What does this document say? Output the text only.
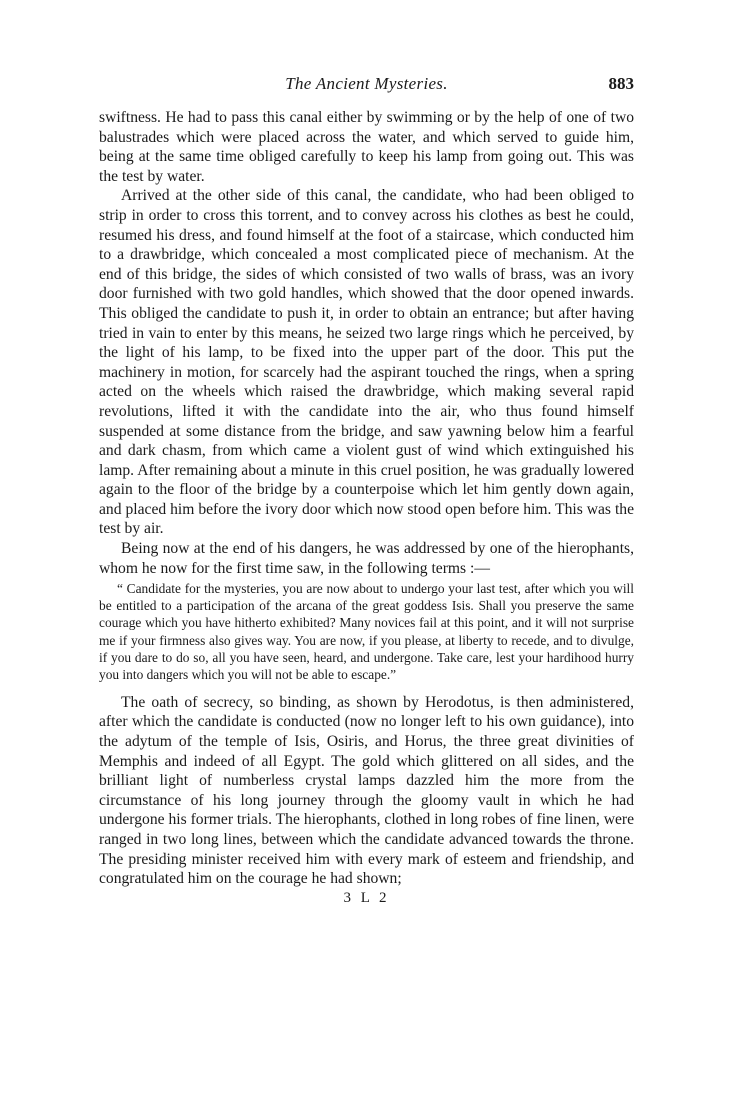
The Ancient Mysteries.	883

swiftness. He had to pass this canal either by swimming or by the help of one of two balustrades which were placed across the water, and which served to guide him, being at the same time obliged carefully to keep his lamp from going out. This was the test by water.

Arrived at the other side of this canal, the candidate, who had been obliged to strip in order to cross this torrent, and to convey across his clothes as best he could, resumed his dress, and found himself at the foot of a staircase, which conducted him to a drawbridge, which concealed a most complicated piece of mechanism. At the end of this bridge, the sides of which consisted of two walls of brass, was an ivory door furnished with two gold handles, which showed that the door opened inwards. This obliged the candidate to push it, in order to obtain an entrance; but after having tried in vain to enter by this means, he seized two large rings which he perceived, by the light of his lamp, to be fixed into the upper part of the door. This put the machinery in motion, for scarcely had the aspirant touched the rings, when a spring acted on the wheels which raised the drawbridge, which making several rapid revolutions, lifted it with the candidate into the air, who thus found himself suspended at some distance from the bridge, and saw yawning below him a fearful and dark chasm, from which came a violent gust of wind which extinguished his lamp. After remaining about a minute in this cruel position, he was gradually lowered again to the floor of the bridge by a counterpoise which let him gently down again, and placed him before the ivory door which now stood open before him. This was the test by air.

Being now at the end of his dangers, he was addressed by one of the hierophants, whom he now for the first time saw, in the following terms :—

“ Candidate for the mysteries, you are now about to undergo your last test, after which you will be entitled to a participation of the arcana of the great goddess Isis. Shall you preserve the same courage which you have hitherto exhibited? Many novices fail at this point, and it will not surprise me if your firmness also gives way. You are now, if you please, at liberty to recede, and to divulge, if you dare to do so, all you have seen, heard, and undergone. Take care, lest your hardihood hurry you into dangers which you will not be able to escape.”

The oath of secrecy, so binding, as shown by Herodotus, is then administered, after which the candidate is conducted (now no longer left to his own guidance), into the adytum of the temple of Isis, Osiris, and Horus, the three great divinities of Memphis and indeed of all Egypt. The gold which glittered on all sides, and the brilliant light of numberless crystal lamps dazzled him the more from the circumstance of his long journey through the gloomy vault in which he had undergone his former trials. The hierophants, clothed in long robes of fine linen, were ranged in two long lines, between which the candidate advanced towards the throne. The presiding minister received him with every mark of esteem and friendship, and congratulated him on the courage he had shown;

3 L 2
